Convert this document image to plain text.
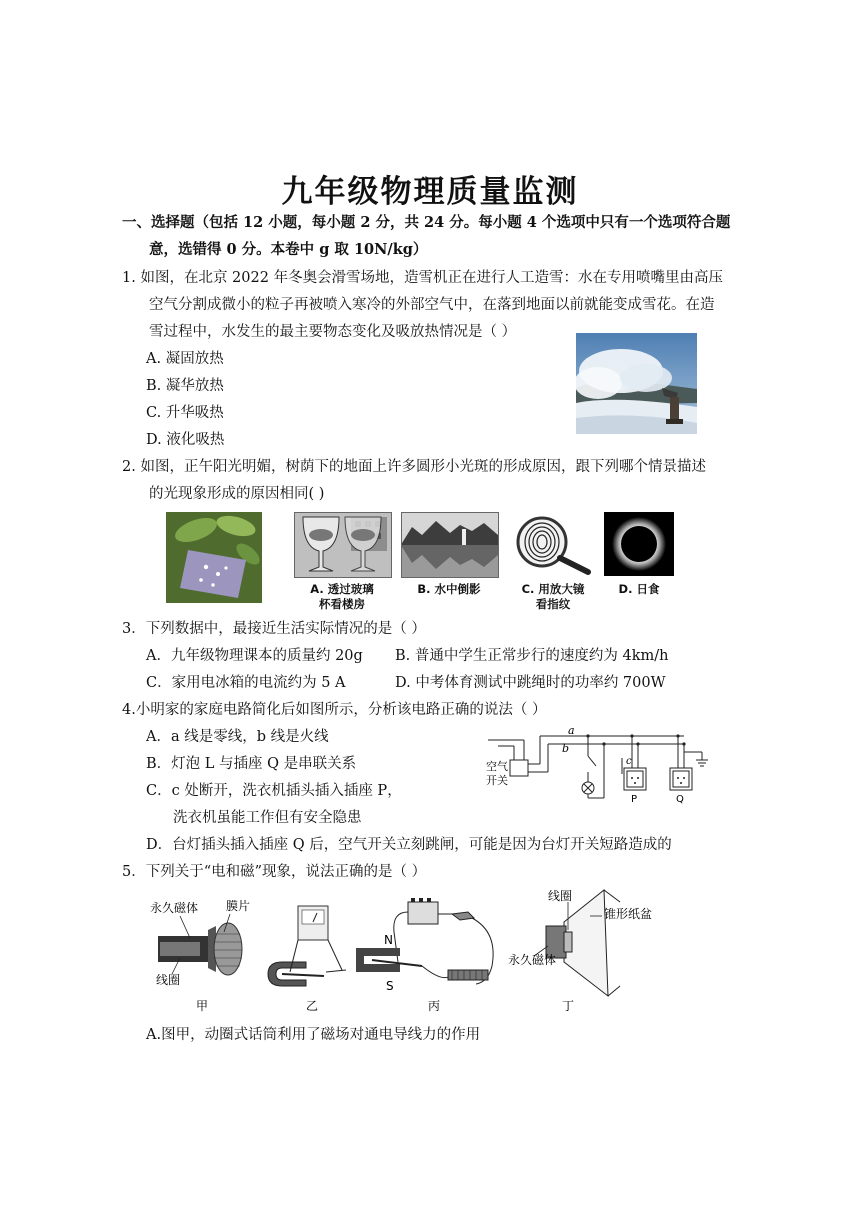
九年级物理质量监测
一、选择题（包括 12 小题，每小题 2 分，共 24 分。每小题 4 个选项中只有一个选项符合题
意，选错得 0 分。本卷中 g 取 10N/kg）
1. 如图，在北京 2022 年冬奥会滑雪场地，造雪机正在进行人工造雪：水在专用喷嘴里由高压
空气分割成微小的粒子再被喷入寒冷的外部空气中，在落到地面以前就能变成雪花。在造
雪过程中，水发生的最主要物态变化及吸放热情况是（ ）
A. 凝固放热
B. 凝华放热
C. 升华吸热
D. 液化吸热
2. 如图，正午阳光明媚，树荫下的地面上许多圆形小光斑的形成原因，跟下列哪个情景描述
的光现象形成的原因相同( )
A. 透过玻璃
杯看楼房
B. 水中倒影	C. 用放大镜
看指纹
D. 日食
3．下列数据中，最接近生活实际情况的是（ ）
A．九年级物理课本的质量约 20g B. 普通中学生正常步行的速度约为 4km/h
C．家用电冰箱的电流约为 5 A	D. 中考体育测试中跳绳时的功率约 700W
4.小明家的家庭电路简化后如图所示，分析该电路正确的说法（ ）
A．a 线是零线，b 线是火线
B．灯泡 L 与插座 Q 是串联关系
C．c 处断开，洗衣机插头插入插座 P，
洗衣机虽能工作但有安全隐患
D．台灯插头插入插座 Q 后，空气开关立刻跳闸，可能是因为台灯开关短路造成的
a
b
c
空气
开关
P	Q
5．下列关于“电和磁”现象，说法正确的是（ ）
永久磁体 膜片
线圈
甲	乙
N
S
丙
线圈
锥形纸盆
永久磁体
丁
A.图甲，动圈式话筒利用了磁场对通电导线力的作用
